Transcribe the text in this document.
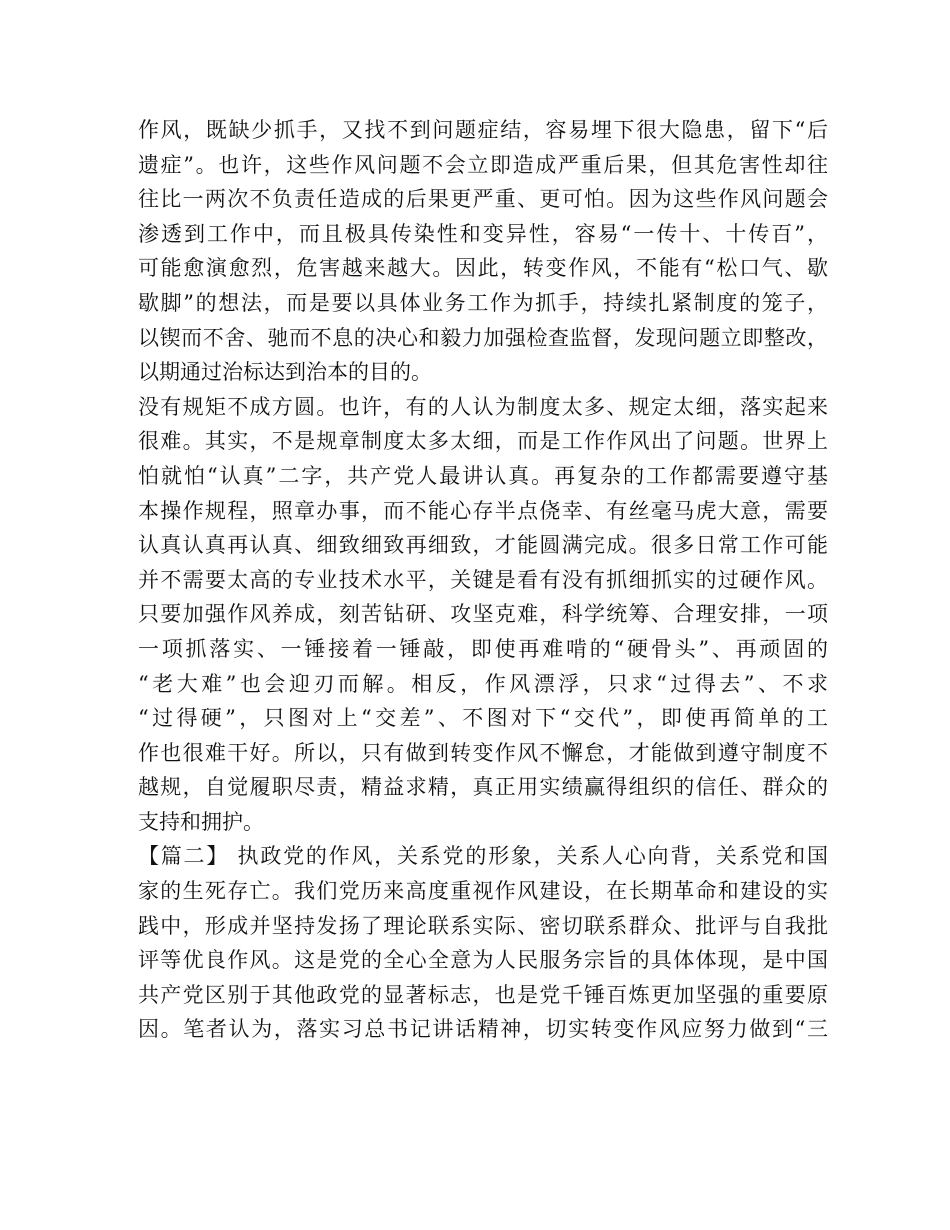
作风，既缺少抓手，又找不到问题症结，容易埋下很大隐患，留下“后
遗症”。也许，这些作风问题不会立即造成严重后果，但其危害性却往
往比一两次不负责任造成的后果更严重、更可怕。因为这些作风问题会
渗透到工作中，而且极具传染性和变异性，容易“一传十、十传百”，
可能愈演愈烈，危害越来越大。因此，转变作风，不能有“松口气、歇
歇脚”的想法，而是要以具体业务工作为抓手，持续扎紧制度的笼子，
以锲而不舍、驰而不息的决心和毅力加强检查监督，发现问题立即整改，
以期通过治标达到治本的目的。
没有规矩不成方圆。也许，有的人认为制度太多、规定太细，落实起来
很难。其实，不是规章制度太多太细，而是工作作风出了问题。世界上
怕就怕“认真”二字，共产党人最讲认真。再复杂的工作都需要遵守基
本操作规程，照章办事，而不能心存半点侥幸、有丝毫马虎大意，需要
认真认真再认真、细致细致再细致，才能圆满完成。很多日常工作可能
并不需要太高的专业技术水平，关键是看有没有抓细抓实的过硬作风。
只要加强作风养成，刻苦钻研、攻坚克难，科学统筹、合理安排，一项
一项抓落实、一锤接着一锤敲，即使再难啃的“硬骨头”、再顽固的
“老大难”也会迎刃而解。相反，作风漂浮，只求“过得去”、不求
“过得硬”，只图对上“交差”、不图对下“交代”，即使再简单的工
作也很难干好。所以，只有做到转变作风不懈怠，才能做到遵守制度不
越规，自觉履职尽责，精益求精，真正用实绩赢得组织的信任、群众的
支持和拥护。
【篇二】 执政党的作风，关系党的形象，关系人心向背，关系党和国
家的生死存亡。我们党历来高度重视作风建设，在长期革命和建设的实
践中，形成并坚持发扬了理论联系实际、密切联系群众、批评与自我批
评等优良作风。这是党的全心全意为人民服务宗旨的具体体现，是中国
共产党区别于其他政党的显著标志，也是党千锤百炼更加坚强的重要原
因。笔者认为，落实习总书记讲话精神，切实转变作风应努力做到“三
